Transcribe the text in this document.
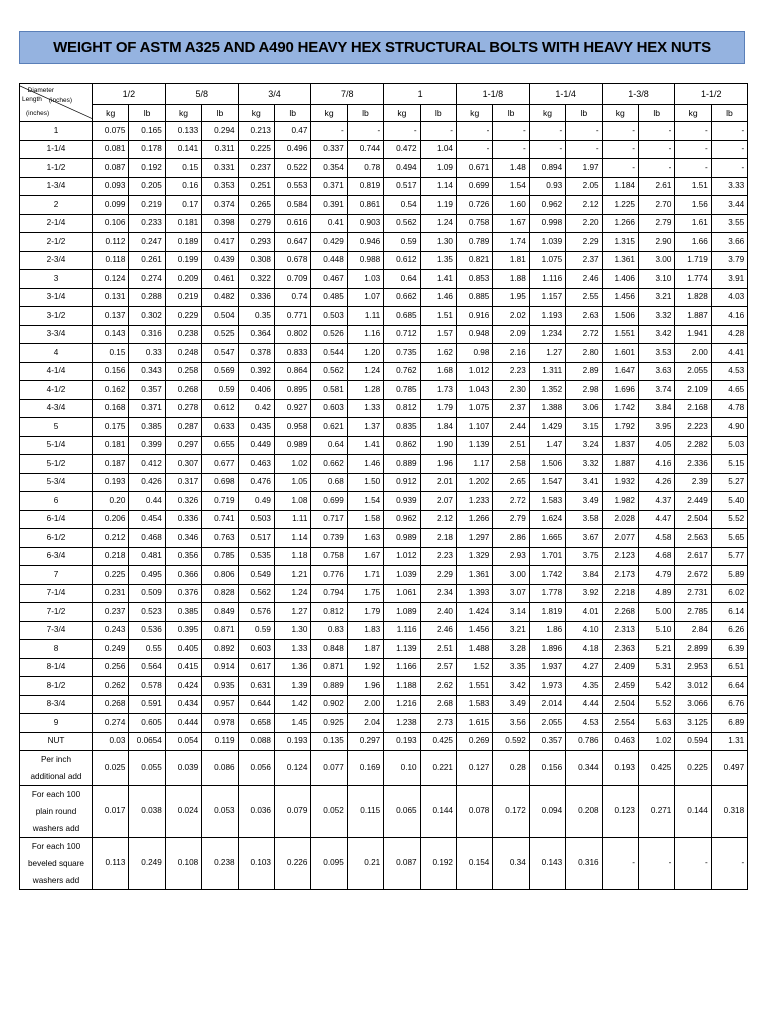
WEIGHT OF ASTM A325 AND A490 HEAVY HEX STRUCTURAL BOLTS WITH HEAVY HEX NUTS
Diameter
Length (inches)
(inches)	1/2		5/8		3/4		7/8		1		1-1/8		1-1/4		1-3/8		1-1/2	
	kg	lb	kg	lb	kg	lb	kg	lb	kg	lb	kg	lb	kg	lb	kg	lb	kg	lb
1	0.075	0.165	0.133	0.294	0.213	0.47	-	-	-	-	-	-	-	-	-	-	-	-
1-1/4	0.081	0.178	0.141	0.311	0.225	0.496	0.337	0.744	0.472	1.04	-	-	-	-	-	-	-	-
1-1/2	0.087	0.192	0.15	0.331	0.237	0.522	0.354	0.78	0.494	1.09	0.671	1.48	0.894	1.97	-	-	-	-
1-3/4	0.093	0.205	0.16	0.353	0.251	0.553	0.371	0.819	0.517	1.14	0.699	1.54	0.93	2.05	1.184	2.61	1.51	3.33
2	0.099	0.219	0.17	0.374	0.265	0.584	0.391	0.861	0.54	1.19	0.726	1.60	0.962	2.12	1.225	2.70	1.56	3.44
2-1/4	0.106	0.233	0.181	0.398	0.279	0.616	0.41	0.903	0.562	1.24	0.758	1.67	0.998	2.20	1.266	2.79	1.61	3.55
2-1/2	0.112	0.247	0.189	0.417	0.293	0.647	0.429	0.946	0.59	1.30	0.789	1.74	1.039	2.29	1.315	2.90	1.66	3.66
2-3/4	0.118	0.261	0.199	0.439	0.308	0.678	0.448	0.988	0.612	1.35	0.821	1.81	1.075	2.37	1.361	3.00	1.719	3.79
3	0.124	0.274	0.209	0.461	0.322	0.709	0.467	1.03	0.64	1.41	0.853	1.88	1.116	2.46	1.406	3.10	1.774	3.91
3-1/4	0.131	0.288	0.219	0.482	0.336	0.74	0.485	1.07	0.662	1.46	0.885	1.95	1.157	2.55	1.456	3.21	1.828	4.03
3-1/2	0.137	0.302	0.229	0.504	0.35	0.771	0.503	1.11	0.685	1.51	0.916	2.02	1.193	2.63	1.506	3.32	1.887	4.16
3-3/4	0.143	0.316	0.238	0.525	0.364	0.802	0.526	1.16	0.712	1.57	0.948	2.09	1.234	2.72	1.551	3.42	1.941	4.28
4	0.15	0.33	0.248	0.547	0.378	0.833	0.544	1.20	0.735	1.62	0.98	2.16	1.27	2.80	1.601	3.53	2.00	4.41
4-1/4	0.156	0.343	0.258	0.569	0.392	0.864	0.562	1.24	0.762	1.68	1.012	2.23	1.311	2.89	1.647	3.63	2.055	4.53
4-1/2	0.162	0.357	0.268	0.59	0.406	0.895	0.581	1.28	0.785	1.73	1.043	2.30	1.352	2.98	1.696	3.74	2.109	4.65
4-3/4	0.168	0.371	0.278	0.612	0.42	0.927	0.603	1.33	0.812	1.79	1.075	2.37	1.388	3.06	1.742	3.84	2.168	4.78
5	0.175	0.385	0.287	0.633	0.435	0.958	0.621	1.37	0.835	1.84	1.107	2.44	1.429	3.15	1.792	3.95	2.223	4.90
5-1/4	0.181	0.399	0.297	0.655	0.449	0.989	0.64	1.41	0.862	1.90	1.139	2.51	1.47	3.24	1.837	4.05	2.282	5.03
5-1/2	0.187	0.412	0.307	0.677	0.463	1.02	0.662	1.46	0.889	1.96	1.17	2.58	1.506	3.32	1.887	4.16	2.336	5.15
5-3/4	0.193	0.426	0.317	0.698	0.476	1.05	0.68	1.50	0.912	2.01	1.202	2.65	1.547	3.41	1.932	4.26	2.39	5.27
6	0.20	0.44	0.326	0.719	0.49	1.08	0.699	1.54	0.939	2.07	1.233	2.72	1.583	3.49	1.982	4.37	2.449	5.40
6-1/4	0.206	0.454	0.336	0.741	0.503	1.11	0.717	1.58	0.962	2.12	1.266	2.79	1.624	3.58	2.028	4.47	2.504	5.52
6-1/2	0.212	0.468	0.346	0.763	0.517	1.14	0.739	1.63	0.989	2.18	1.297	2.86	1.665	3.67	2.077	4.58	2.563	5.65
6-3/4	0.218	0.481	0.356	0.785	0.535	1.18	0.758	1.67	1.012	2.23	1.329	2.93	1.701	3.75	2.123	4.68	2.617	5.77
7	0.225	0.495	0.366	0.806	0.549	1.21	0.776	1.71	1.039	2.29	1.361	3.00	1.742	3.84	2.173	4.79	2.672	5.89
7-1/4	0.231	0.509	0.376	0.828	0.562	1.24	0.794	1.75	1.061	2.34	1.393	3.07	1.778	3.92	2.218	4.89	2.731	6.02
7-1/2	0.237	0.523	0.385	0.849	0.576	1.27	0.812	1.79	1.089	2.40	1.424	3.14	1.819	4.01	2.268	5.00	2.785	6.14
7-3/4	0.243	0.536	0.395	0.871	0.59	1.30	0.83	1.83	1.116	2.46	1.456	3.21	1.86	4.10	2.313	5.10	2.84	6.26
8	0.249	0.55	0.405	0.892	0.603	1.33	0.848	1.87	1.139	2.51	1.488	3.28	1.896	4.18	2.363	5.21	2.899	6.39
8-1/4	0.256	0.564	0.415	0.914	0.617	1.36	0.871	1.92	1.166	2.57	1.52	3.35	1.937	4.27	2.409	5.31	2.953	6.51
8-1/2	0.262	0.578	0.424	0.935	0.631	1.39	0.889	1.96	1.188	2.62	1.551	3.42	1.973	4.35	2.459	5.42	3.012	6.64
8-3/4	0.268	0.591	0.434	0.957	0.644	1.42	0.902	2.00	1.216	2.68	1.583	3.49	2.014	4.44	2.504	5.52	3.066	6.76
9	0.274	0.605	0.444	0.978	0.658	1.45	0.925	2.04	1.238	2.73	1.615	3.56	2.055	4.53	2.554	5.63	3.125	6.89
NUT	0.03	0.0654	0.054	0.119	0.088	0.193	0.135	0.297	0.193	0.425	0.269	0.592	0.357	0.786	0.463	1.02	0.594	1.31

Per inch
additional add	0.025	0.055	0.039	0.086	0.056	0.124	0.077	0.169	0.10	0.221	0.127	0.28	0.156	0.344	0.193	0.425	0.225	0.497

For each 100
plain round
washers add	0.017	0.038	0.024	0.053	0.036	0.079	0.052	0.115	0.065	0.144	0.078	0.172	0.094	0.208	0.123	0.271	0.144	0.318

For each 100
beveled square
washers add	0.113	0.249	0.108	0.238	0.103	0.226	0.095	0.21	0.087	0.192	0.154	0.34	0.143	0.316	-	-	-	-
